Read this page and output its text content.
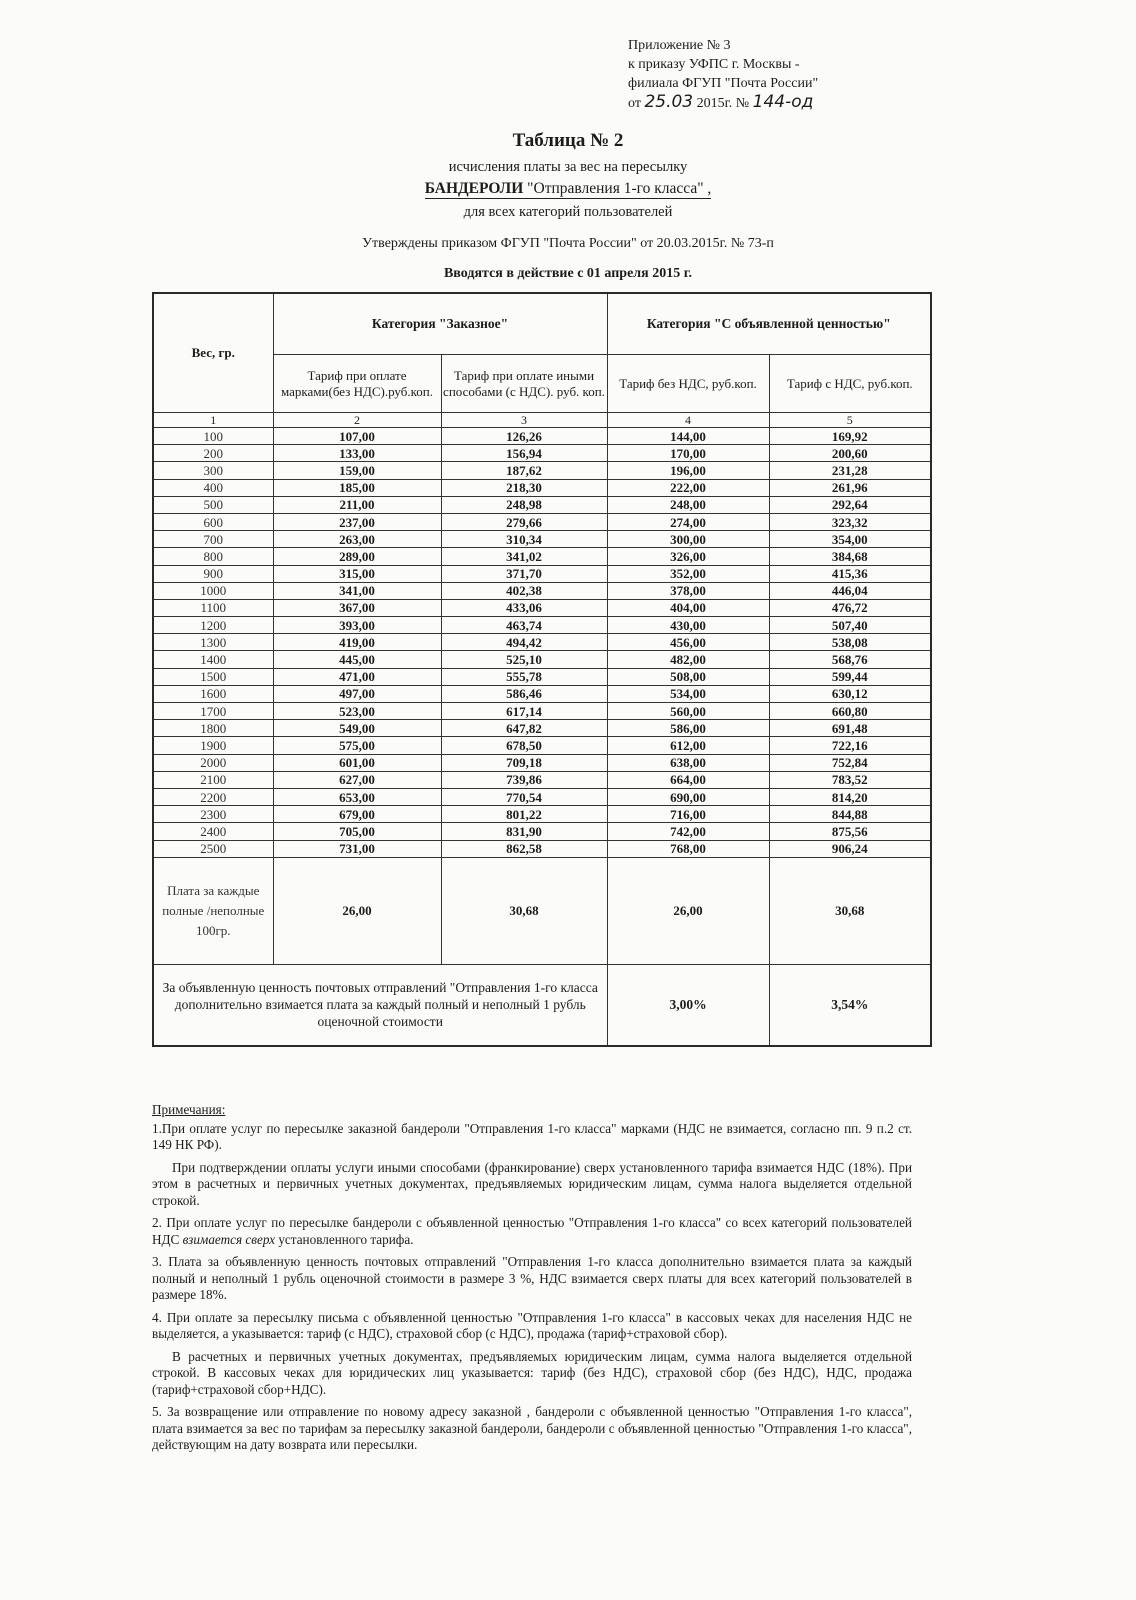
Приложение № 3
к приказу УФПС г. Москвы -
филиала ФГУП "Почта России"
от 25.03 2015г. № 144-од
Таблица № 2
исчисления платы за вес на пересылку
БАНДЕРОЛИ "Отправления 1-го класса" ,
для всех категорий пользователей
Утверждены приказом ФГУП "Почта России" от 20.03.2015г. № 73-п
Вводятся в действие с 01 апреля 2015 г.
Вес, гр.	Категория "Заказное"		Категория "С объявленной ценностью"	
	Тариф при оплате марками(без НДС).руб.коп.	Тариф при оплате иными способами (с НДС). руб. коп.	Тариф без НДС, руб.коп.	Тариф с НДС, руб.коп.
1	2	3	4	5
100	107,00	126,26	144,00	169,92
200	133,00	156,94	170,00	200,60
300	159,00	187,62	196,00	231,28
400	185,00	218,30	222,00	261,96
500	211,00	248,98	248,00	292,64
600	237,00	279,66	274,00	323,32
700	263,00	310,34	300,00	354,00
800	289,00	341,02	326,00	384,68
900	315,00	371,70	352,00	415,36
1000	341,00	402,38	378,00	446,04
1100	367,00	433,06	404,00	476,72
1200	393,00	463,74	430,00	507,40
1300	419,00	494,42	456,00	538,08
1400	445,00	525,10	482,00	568,76
1500	471,00	555,78	508,00	599,44
1600	497,00	586,46	534,00	630,12
1700	523,00	617,14	560,00	660,80
1800	549,00	647,82	586,00	691,48
1900	575,00	678,50	612,00	722,16
2000	601,00	709,18	638,00	752,84
2100	627,00	739,86	664,00	783,52
2200	653,00	770,54	690,00	814,20
2300	679,00	801,22	716,00	844,88
2400	705,00	831,90	742,00	875,56
2500	731,00	862,58	768,00	906,24
Плата за каждые полные /неполные 100гр.	26,00	30,68	26,00	30,68
За объявленную ценность почтовых отправлений "Отправления 1-го класса дополнительно взимается плата за каждый полный и неполный 1 рубль оценочной стоимости			3,00%	3,54%
Примечания:

1.При оплате услуг по пересылке заказной бандероли "Отправления 1-го класса" марками (НДС не взимается, согласно пп. 9 п.2 ст. 149 НК РФ).

При подтверждении оплаты услуги иными способами (франкирование) сверх установленного тарифа взимается НДС (18%). При этом в расчетных и первичных учетных документах, предъявляемых юридическим лицам, сумма налога выделяется отдельной строкой.

2. При оплате услуг по пересылке бандероли с объявленной ценностью "Отправления 1-го класса" со всех категорий пользователей НДС взимается сверх установленного тарифа.

3. Плата за объявленную ценность почтовых отправлений "Отправления 1-го класса дополнительно взимается плата за каждый полный и неполный 1 рубль оценочной стоимости в размере 3 %, НДС взимается сверх платы для всех категорий пользователей в размере 18%.

4. При оплате за пересылку письма с объявленной ценностью "Отправления 1-го класса" в кассовых чеках для населения НДС не выделяется, а указывается: тариф (с НДС), страховой сбор (с НДС), продажа (тариф+страховой сбор).

В расчетных и первичных учетных документах, предъявляемых юридическим лицам, сумма налога выделяется отдельной строкой. В кассовых чеках для юридических лиц указывается: тариф (без НДС), страховой сбор (без НДС), НДС, продажа (тариф+страховой сбор+НДС).

5. За возвращение или отправление по новому адресу заказной , бандероли с объявленной ценностью "Отправления 1-го класса", плата взимается за вес по тарифам за пересылку заказной бандероли, бандероли с объявленной ценностью "Отправления 1-го класса", действующим на дату возврата или пересылки.
